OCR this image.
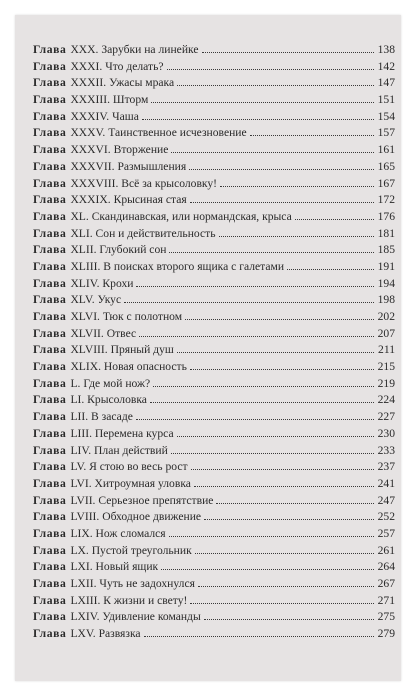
Глава XXX. Зарубки на линейке	138
Глава XXXI. Что делать?	142
Глава XXXII. Ужасы мрака	147
Глава XXXIII. Шторм	151
Глава XXXIV. Чаша	154
Глава XXXV. Таинственное исчезновение	157
Глава XXXVI. Вторжение	161
Глава XXXVII. Размышления	165
Глава XXXVIII. Всё за крысоловку!	167
Глава XXXIX. Крысиная стая	172
Глава XL. Скандинавская, или нормандская, крыса	176
Глава XLI. Сон и действительность	181
Глава XLII. Глубокий сон	185
Глава XLIII. В поисках второго ящика с галетами	191
Глава XLIV. Крохи	194
Глава XLV. Укус	198
Глава XLVI. Тюк с полотном	202
Глава XLVII. Отвес	207
Глава XLVIII. Пряный душ	211
Глава XLIX. Новая опасность	215
Глава L. Где мой нож?	219
Глава LI. Крысоловка	224
Глава LII. В засаде	227
Глава LIII. Перемена курса	230
Глава LIV. План действий	233
Глава LV. Я стою во весь рост	237
Глава LVI. Хитроумная уловка	241
Глава LVII. Серьезное препятствие	247
Глава LVIII. Обходное движение	252
Глава LIX. Нож сломался	257
Глава LX. Пустой треугольник	261
Глава LXI. Новый ящик	264
Глава LXII. Чуть не задохнулся	267
Глава LXIII. К жизни и свету!	271
Глава LXIV. Удивление команды	275
Глава LXV. Развязка	279
